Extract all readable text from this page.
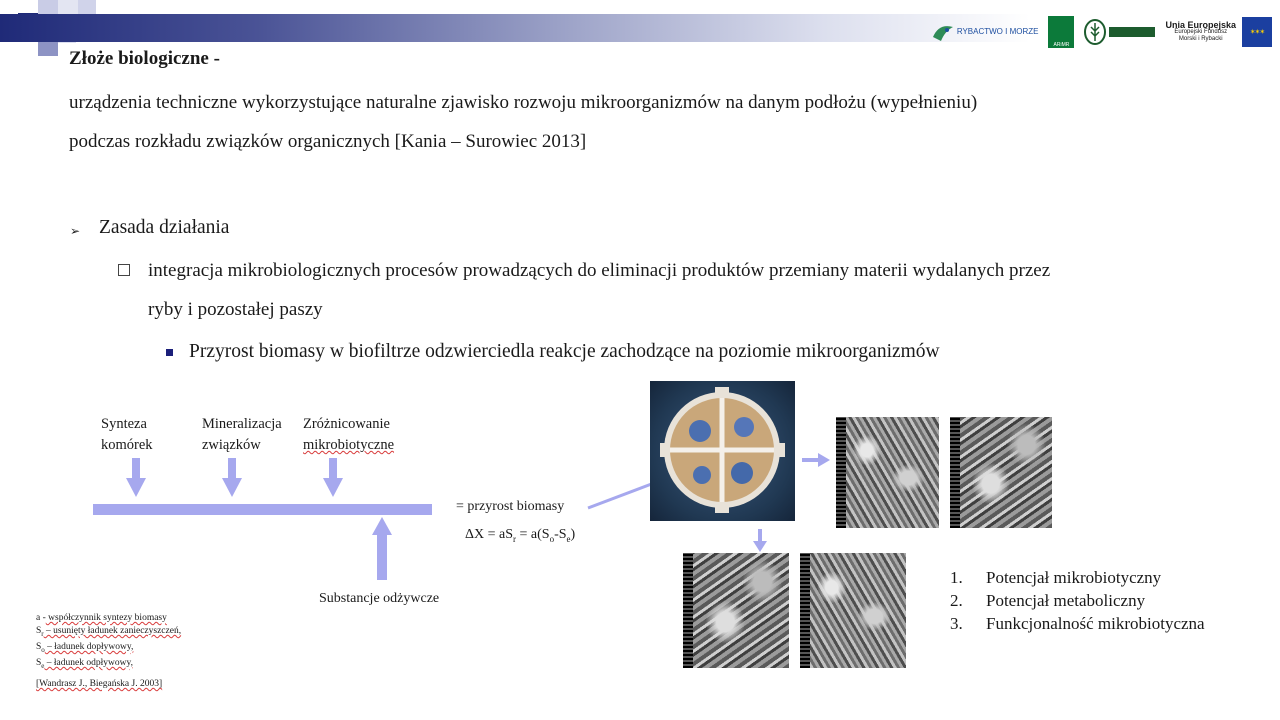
RYBACTWO I MORZE
ARiMR
Unia Europejska
Europejski Fundusz Morski i Rybacki
✶✶✶
Złoże biologiczne -
urządzenia techniczne wykorzystujące naturalne zjawisko rozwoju mikroorganizmów na danym podłożu (wypełnieniu)
podczas rozkładu związków organicznych [Kania – Surowiec 2013]
➢ Zasada działania
integracja mikrobiologicznych procesów prowadzących do eliminacji produktów przemiany materii wydalanych przez
ryby i pozostałej paszy
Przyrost biomasy w biofiltrze odzwierciedla reakcje zachodzące na poziomie mikroorganizmów
Synteza
komórek
Mineralizacja
związków
Zróżnicowanie
mikrobiotyczne
Substancje odżywcze
= przyrost biomasy
$\Delta X = aS_r = a(S_o-S_e)$
1. Potencjał mikrobiotyczny
2. Potencjał metaboliczny
3. Funkcjonalność mikrobiotyczna
a - współczynnik syntezy biomasy
$S_r$ – usunięty ładunek zanieczyszczeń,
$S_o$ – ładunek dopływowy,
$S_e$ – ładunek odpływowy,
[Wandrasz J., Biegańska J. 2003]
